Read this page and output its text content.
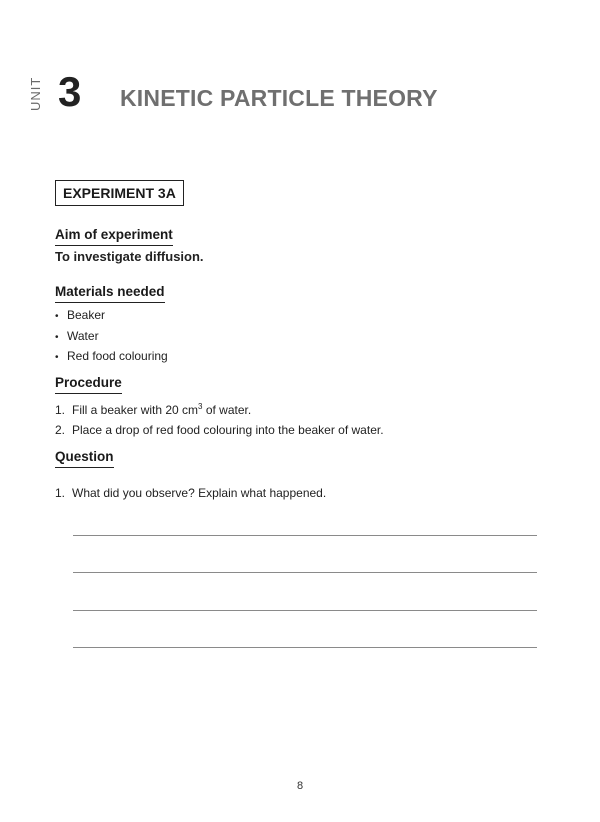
UNIT 3 KINETIC PARTICLE THEORY
EXPERIMENT 3A
Aim of experiment
To investigate diffusion.
Materials needed
• Beaker
• Water
• Red food colouring
Procedure
1. Fill a beaker with 20 $cm^3$ of water.
2. Place a drop of red food colouring into the beaker of water.
Question
1. What did you observe? Explain what happened.
8
